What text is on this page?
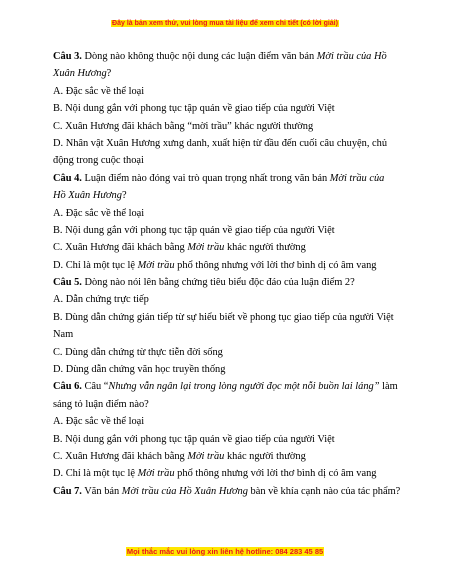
Đây là bản xem thử, vui lòng mua tài liệu để xem chi tiết (có lời giải)
Câu 3. Dòng nào không thuộc nội dung các luận điểm văn bản Mời trầu của Hồ
Xuân Hương?
A. Đặc sắc về thể loại
B. Nội dung gắn với phong tục tập quán về giao tiếp của người Việt
C. Xuân Hương đãi khách bằng “mời trầu” khác người thường
D. Nhân vật Xuân Hương xưng danh, xuất hiện từ đầu đến cuối câu chuyện, chủ
động trong cuộc thoại
Câu 4. Luận điểm nào đóng vai trò quan trọng nhất trong văn bản Mời trầu của
Hồ Xuân Hương?
A. Đặc sắc về thể loại
B. Nội dung gắn với phong tục tập quán về giao tiếp của người Việt
C. Xuân Hương đãi khách bằng Mời trầu khác người thường
D. Chỉ là một tục lệ Mời trầu phổ thông nhưng với lời thơ bình dị có âm vang
Câu 5. Dòng nào nói lên bằng chứng tiêu biểu độc đáo của luận điểm 2?
A. Dẫn chứng trực tiếp
B. Dùng dẫn chứng gián tiếp từ sự hiểu biết về phong tục giao tiếp của người Việt
Nam
C. Dùng dẫn chứng từ thực tiễn đời sống
D. Dùng dẫn chứng văn học truyền thống
Câu 6. Câu “Nhưng vẫn ngân lại trong lòng người đọc một nỗi buồn lai láng” làm
sáng tỏ luận điểm nào?
A. Đặc sắc về thể loại
B. Nội dung gắn với phong tục tập quán về giao tiếp của người Việt
C. Xuân Hương đãi khách bằng Mời trầu khác người thường
D. Chỉ là một tục lệ Mời trầu phổ thông nhưng với lời thơ bình dị có âm vang
Câu 7. Văn bản Mời trầu của Hồ Xuân Hương bàn về khía cạnh nào của tác phẩm?
Mọi thắc mắc vui lòng xin liên hệ hotline: 084 283 45 85
